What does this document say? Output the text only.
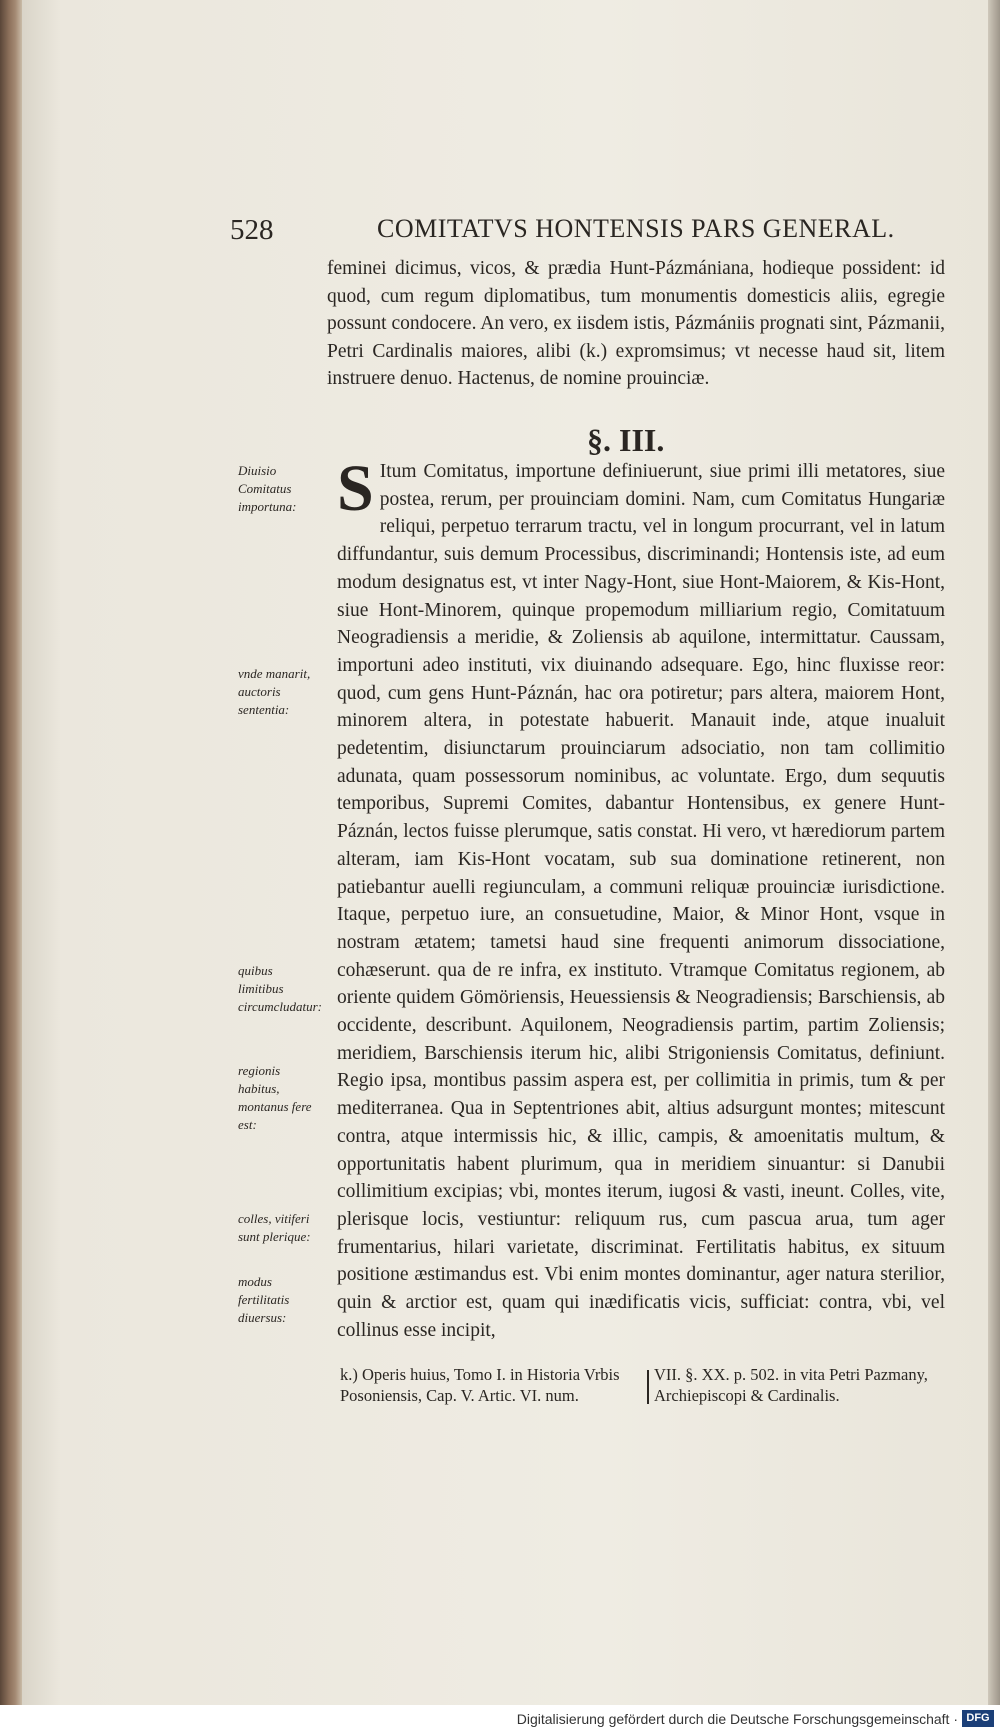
528	COMITATVS HONTENSIS PARS GENERAL.

feminei dicimus, vicos, & prædia Hunt-Pázmániana, hodieque possident: id quod, cum regum diplomatibus, tum monumentis domesticis aliis, egregie possunt condocere. An vero, ex iisdem istis, Pázmániis prognati sint, Pázmanii, Petri Cardinalis maiores, alibi (k.) expromsimus; vt necesse haud sit, litem instruere denuo. Hactenus, de nomine prouinciæ.

§. III.
S Itum Comitatus, importune definiuerunt, siue primi illi metatores, siue postea, rerum, per prouinciam domini. Nam, cum Comitatus Hungariæ reliqui, perpetuo terrarum tractu, vel in longum procurrant, vel in latum diffundantur, suis demum Processibus, discriminandi; Hontensis iste, ad eum modum designatus est, vt inter Nagy-Hont, siue Hont-Maiorem, & Kis-Hont, siue Hont-Minorem, quinque propemodum milliarium regio, Comitatuum Neogradiensis a meridie, & Zoliensis ab aquilone, intermittatur. Caussam, importuni adeo instituti, vix diuinando adsequare. Ego, hinc fluxisse reor: quod, cum gens Hunt-Páznán, hac ora potiretur; pars altera, maiorem Hont, minorem altera, in potestate habuerit. Manauit inde, atque inualuit pedetentim, disiunctarum prouinciarum adsociatio, non tam collimitio adunata, quam possessorum nominibus, ac voluntate. Ergo, dum sequutis temporibus, Supremi Comites, dabantur Hontensibus, ex genere Hunt-Páznán, lectos fuisse plerumque, satis constat. Hi vero, vt hærediorum partem alteram, iam Kis-Hont vocatam, sub sua dominatione retinerent, non patiebantur auelli regiunculam, a communi reliquæ prouinciæ iurisdictione. Itaque, perpetuo iure, an consuetudine, Maior, & Minor Hont, vsque in nostram ætatem; tametsi haud sine frequenti animorum dissociatione, cohæserunt. qua de re infra, ex instituto. Vtramque Comitatus regionem, ab oriente quidem Gömöriensis, Heuessiensis & Neogradiensis; Barschiensis, ab occidente, describunt. Aquilonem, Neogradiensis partim, partim Zoliensis; meridiem, Barschiensis iterum hic, alibi Strigoniensis Comitatus, definiunt. Regio ipsa, montibus passim aspera est, per collimitia in primis, tum & per mediterranea. Qua in Septentriones abit, altius adsurgunt montes; mitescunt contra, atque intermissis hic, & illic, campis, & amoenitatis multum, & opportunitatis habent plurimum, qua in meridiem sinuantur: si Danubii collimitium excipias; vbi, montes iterum, iugosi & vasti, ineunt. Colles, vite, plerisque locis, vestiuntur: reliquum rus, cum pascua arua, tum ager frumentarius, hilari varietate, discriminat. Fertilitatis habitus, ex situum positione æstimandus est. Vbi enim montes dominantur, ager natura sterilior, quin & arctior est, quam qui inædificatis vicis, sufficiat: contra, vbi, vel collinus esse incipit,
Diuisio Comitatus importuna:
vnde manarit, auctoris sententia:
quibus limitibus circumcludatur:
regionis habitus, montanus fere est:
colles, vitiferi sunt plerique:
modus fertilitatis diuersus:
k.) Operis huius, Tomo I. in Historia Vrbis Posoniensis, Cap. V. Artic. VI. num.
VII. §. XX. p. 502. in vita Petri Pazmany, Archiepiscopi & Cardinalis.
Digitalisierung gefördert durch die Deutsche Forschungsgemeinschaft · DFG
